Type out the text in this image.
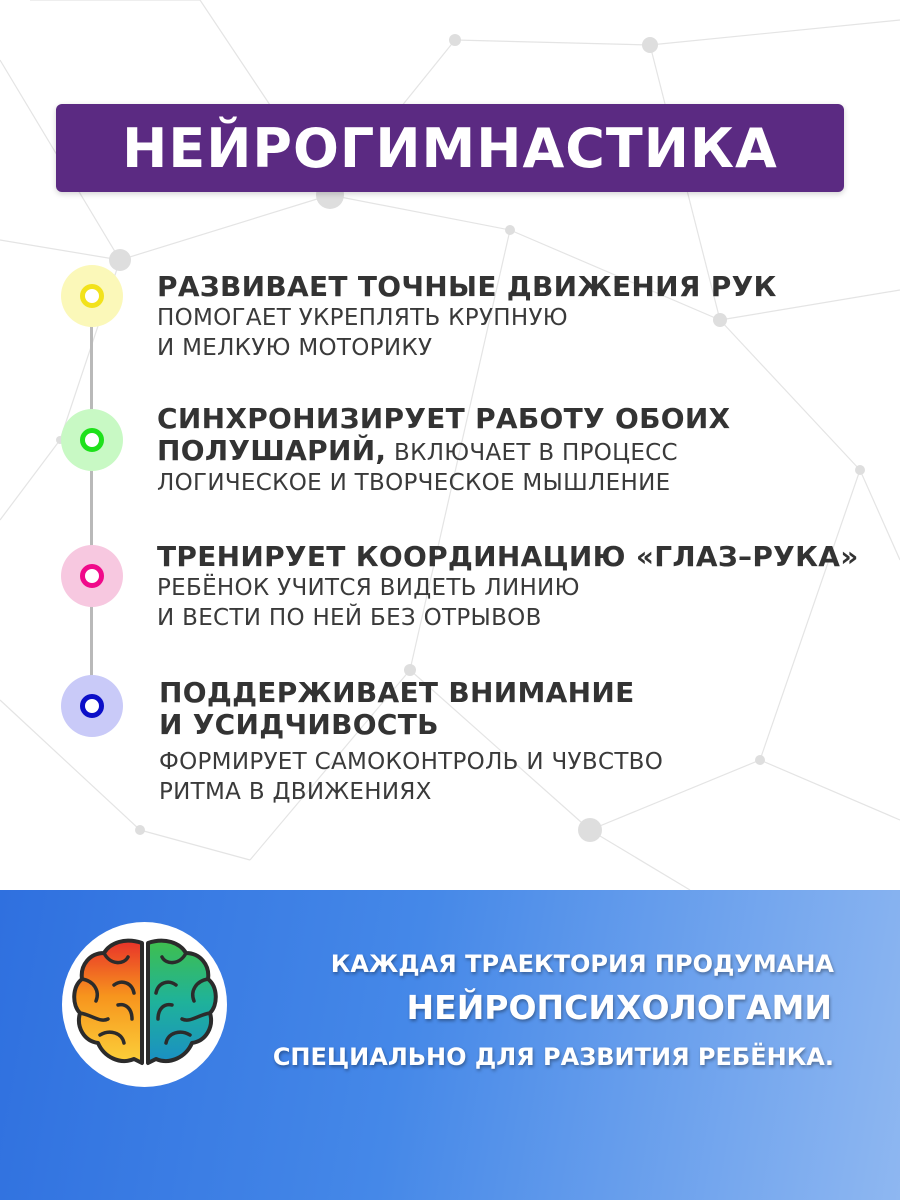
НЕЙРОГИМНАСТИКА
РАЗВИВАЕТ ТОЧНЫЕ ДВИЖЕНИЯ РУК
ПОМОГАЕТ УКРЕПЛЯТЬ КРУПНУЮ
И МЕЛКУЮ МОТОРИКУ
СИНХРОНИЗИРУЕТ РАБОТУ ОБОИХ
ПОЛУШАРИЙ, ВКЛЮЧАЕТ В ПРОЦЕСС
ЛОГИЧЕСКОЕ И ТВОРЧЕСКОЕ МЫШЛЕНИЕ
ТРЕНИРУЕТ КООРДИНАЦИЮ «ГЛАЗ–РУКА»
РЕБЁНОК УЧИТСЯ ВИДЕТЬ ЛИНИЮ
И ВЕСТИ ПО НЕЙ БЕЗ ОТРЫВОВ
ПОДДЕРЖИВАЕТ ВНИМАНИЕ
И УСИДЧИВОСТЬ
ФОРМИРУЕТ САМОКОНТРОЛЬ И ЧУВСТВО
РИТМА В ДВИЖЕНИЯХ
КАЖДАЯ ТРАЕКТОРИЯ ПРОДУМАНА
НЕЙРОПСИХОЛОГАМИ
СПЕЦИАЛЬНО ДЛЯ РАЗВИТИЯ РЕБЁНКА.
